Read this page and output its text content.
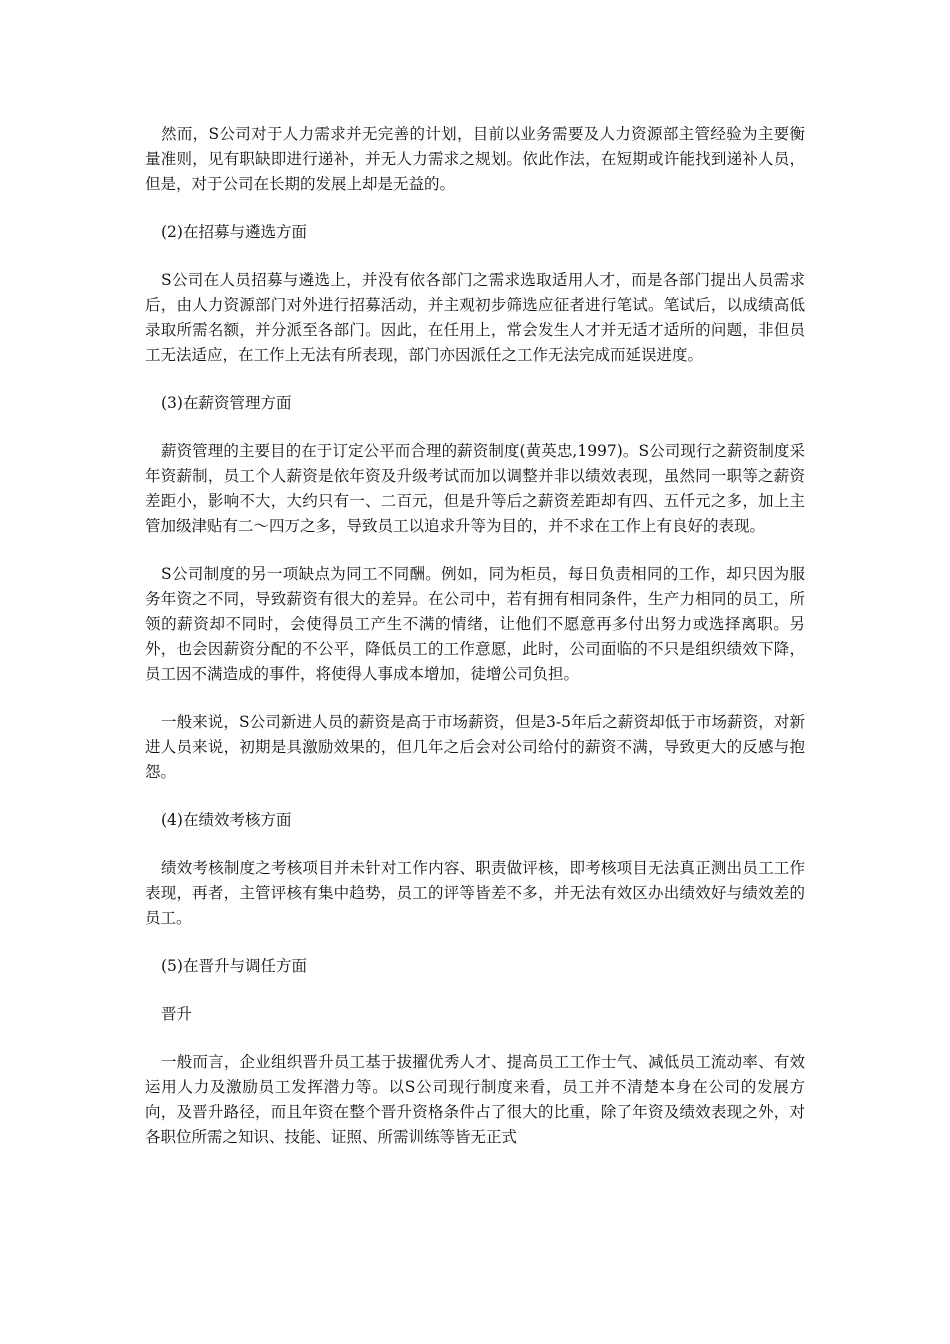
然而，S公司对于人力需求并无完善的计划，目前以业务需要及人力资源部主管经验为主要衡量准则，见有职缺即进行递补，并无人力需求之规划。依此作法，在短期或许能找到递补人员，但是，对于公司在长期的发展上却是无益的。

(2)在招募与遴选方面

S公司在人员招募与遴选上，并没有依各部门之需求选取适用人才，而是各部门提出人员需求后，由人力资源部门对外进行招募活动，并主观初步筛选应征者进行笔试。笔试后，以成绩高低录取所需名额，并分派至各部门。因此，在任用上，常会发生人才并无适才适所的问题，非但员工无法适应，在工作上无法有所表现，部门亦因派任之工作无法完成而延误进度。

(3)在薪资管理方面

薪资管理的主要目的在于订定公平而合理的薪资制度(黄英忠,1997)。S公司现行之薪资制度采年资薪制，员工个人薪资是依年资及升级考试而加以调整并非以绩效表现，虽然同一职等之薪资差距小，影响不大，大约只有一、二百元，但是升等后之薪资差距却有四、五仟元之多，加上主管加级津贴有二～四万之多，导致员工以追求升等为目的，并不求在工作上有良好的表现。

S公司制度的另一项缺点为同工不同酬。例如，同为柜员，每日负责相同的工作，却只因为服务年资之不同，导致薪资有很大的差异。在公司中，若有拥有相同条件，生产力相同的员工，所领的薪资却不同时，会使得员工产生不满的情绪，让他们不愿意再多付出努力或选择离职。另外，也会因薪资分配的不公平，降低员工的工作意愿，此时，公司面临的不只是组织绩效下降，员工因不满造成的事件，将使得人事成本增加，徒增公司负担。

一般来说，S公司新进人员的薪资是高于市场薪资，但是3-5年后之薪资却低于市场薪资，对新进人员来说，初期是具激励效果的，但几年之后会对公司给付的薪资不满，导致更大的反感与抱怨。

(4)在绩效考核方面

绩效考核制度之考核项目并未针对工作内容、职责做评核，即考核项目无法真正测出员工工作表现，再者，主管评核有集中趋势，员工的评等皆差不多，并无法有效区办出绩效好与绩效差的员工。

(5)在晋升与调任方面

晋升

一般而言，企业组织晋升员工基于拔擢优秀人才、提高员工工作士气、减低员工流动率、有效运用人力及激励员工发挥潜力等。以S公司现行制度来看，员工并不清楚本身在公司的发展方向，及晋升路径，而且年资在整个晋升资格条件占了很大的比重，除了年资及绩效表现之外，对各职位所需之知识、技能、证照、所需训练等皆无正式
